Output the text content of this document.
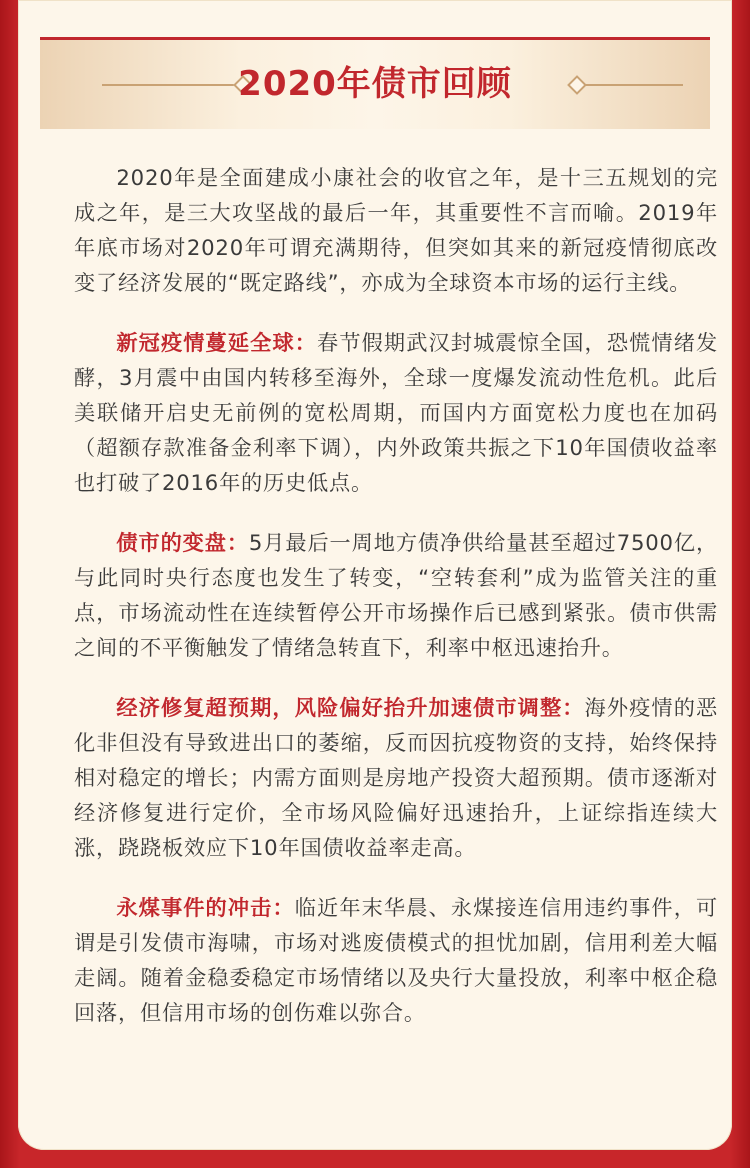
2020年债市回顾

2020年是全面建成小康社会的收官之年，是十三五规划的完成之年，是三大攻坚战的最后一年，其重要性不言而喻。2019年年底市场对2020年可谓充满期待，但突如其来的新冠疫情彻底改变了经济发展的“既定路线”，亦成为全球资本市场的运行主线。

新冠疫情蔓延全球：春节假期武汉封城震惊全国，恐慌情绪发酵，3月震中由国内转移至海外，全球一度爆发流动性危机。此后美联储开启史无前例的宽松周期，而国内方面宽松力度也在加码（超额存款准备金利率下调），内外政策共振之下10年国债收益率也打破了2016年的历史低点。

债市的变盘：5月最后一周地方债净供给量甚至超过7500亿，与此同时央行态度也发生了转变，“空转套利”成为监管关注的重点，市场流动性在连续暂停公开市场操作后已感到紧张。债市供需之间的不平衡触发了情绪急转直下，利率中枢迅速抬升。

经济修复超预期，风险偏好抬升加速债市调整：海外疫情的恶化非但没有导致进出口的萎缩，反而因抗疫物资的支持，始终保持相对稳定的增长；内需方面则是房地产投资大超预期。债市逐渐对经济修复进行定价，全市场风险偏好迅速抬升，上证综指连续大涨，跷跷板效应下10年国债收益率走高。

永煤事件的冲击：临近年末华晨、永煤接连信用违约事件，可谓是引发债市海啸，市场对逃废债模式的担忧加剧，信用利差大幅走阔。随着金稳委稳定市场情绪以及央行大量投放，利率中枢企稳回落，但信用市场的创伤难以弥合。
